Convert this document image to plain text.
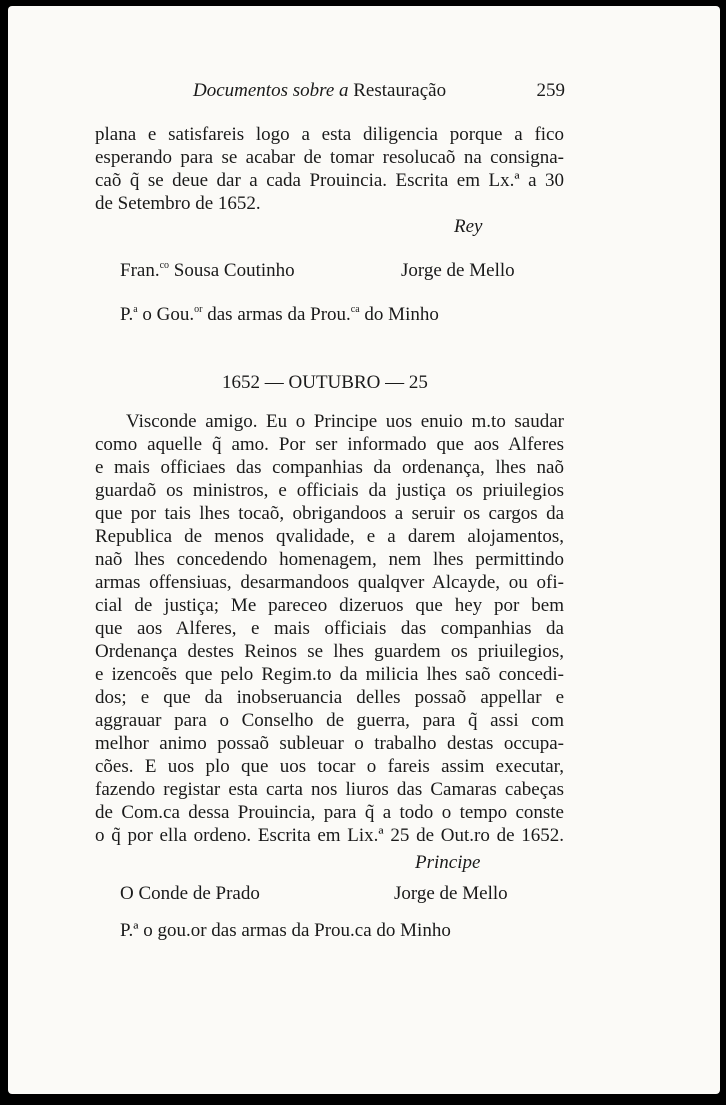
Documentos sobre a Restauração	259
plana e satisfareis logo a esta diligencia porque a fico
esperando para se acabar de tomar resolucaõ na consigna-
caõ q̃ se deue dar a cada Prouincia. Escrita em Lx.ª a 30
de Setembro de 1652.
Rey
Fran.$^{co}$ Sousa Coutinho	Jorge de Mello
P.$^a$ o Gou.$^{or}$ das armas da Prou.$^{ca}$ do Minho
1652 — OUTUBRO — 25
Visconde amigo. Eu o Principe uos enuio m.to saudar
como aquelle q̃ amo. Por ser informado que aos Alferes
e mais officiaes das companhias da ordenança, lhes naõ
guardaõ os ministros, e officiais da justiça os priuilegios
que por tais lhes tocaõ, obrigandoos a seruir os cargos da
Republica de menos qvalidade, e a darem alojamentos,
naõ lhes concedendo homenagem, nem lhes permittindo
armas offensiuas, desarmandoos qualqver Alcayde, ou ofi-
cial de justiça; Me pareceo dizeruos que hey por bem
que aos Alferes, e mais officiais das companhias da
Ordenança destes Reinos se lhes guardem os priuilegios,
e izencoẽs que pelo Regim.to da milicia lhes saõ concedi-
dos; e que da inobseruancia delles possaõ appellar e
aggrauar para o Conselho de guerra, para q̃ assi com
melhor animo possaõ subleuar o trabalho destas occupa-
cões. E uos plo que uos tocar o fareis assim executar,
fazendo registar esta carta nos liuros das Camaras cabeças
de Com.ca dessa Prouincia, para q̃ a todo o tempo conste
o q̃ por ella ordeno. Escrita em Lix.ª 25 de Out.ro de 1652.
Principe
O Conde de Prado	Jorge de Mello
P.ª o gou.or das armas da Prou.ca do Minho
